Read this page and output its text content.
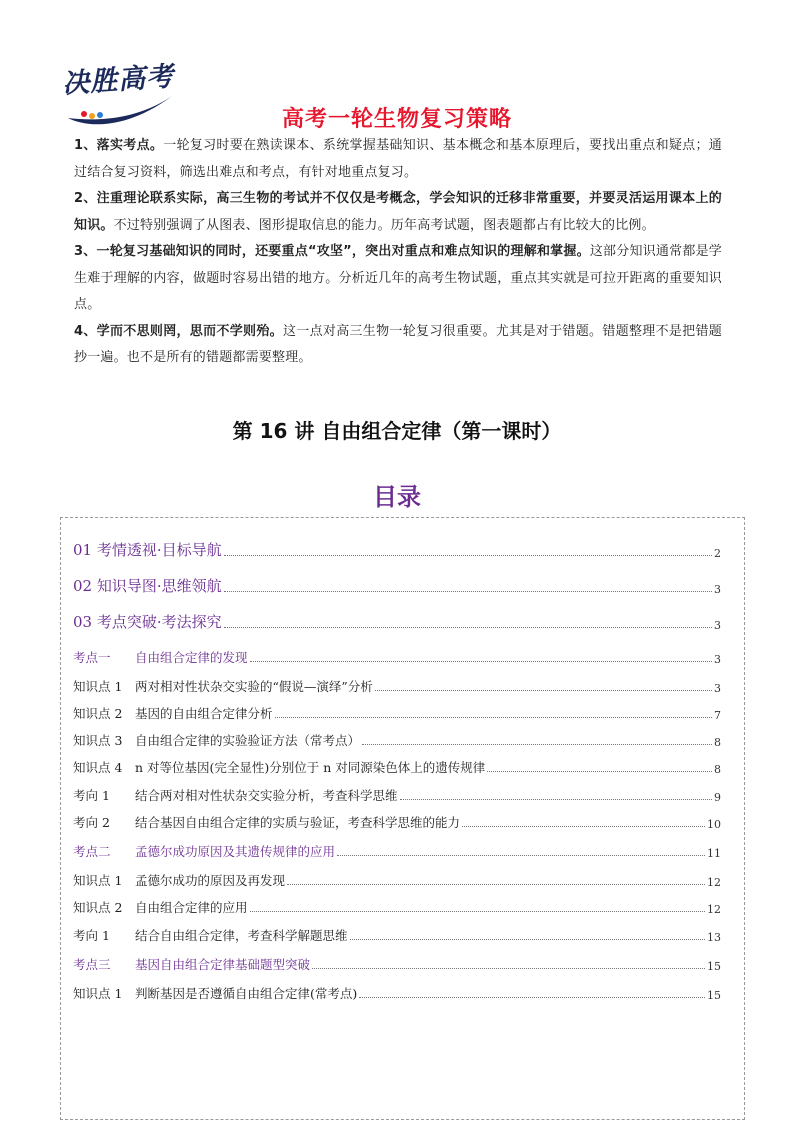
决胜高考
高考一轮生物复习策略

1、落实考点。一轮复习时要在熟读课本、系统掌握基础知识、基本概念和基本原理后，要找出重点和疑点；通过结合复习资料，筛选出难点和考点，有针对地重点复习。

2、注重理论联系实际，高三生物的考试并不仅仅是考概念，学会知识的迁移非常重要，并要灵活运用课本上的知识。不过特别强调了从图表、图形提取信息的能力。历年高考试题，图表题都占有比较大的比例。

3、一轮复习基础知识的同时，还要重点“攻坚”，突出对重点和难点知识的理解和掌握。这部分知识通常都是学生难于理解的内容，做题时容易出错的地方。分析近几年的高考生物试题，重点其实就是可拉开距离的重要知识点。

4、学而不思则罔，思而不学则殆。这一点对高三生物一轮复习很重要。尤其是对于错题。错题整理不是把错题抄一遍。也不是所有的错题都需要整理。

第 16 讲 自由组合定律（第一课时）
目录
01 考情透视·目标导航	2
02 知识导图·思维领航	3
03 考点突破·考法探究	3
考点一 自由组合定律的发现	3
知识点 1 两对相对性状杂交实验的“假说—演绎”分析	3
知识点 2 基因的自由组合定律分析	7
知识点 3 自由组合定律的实验验证方法（常考点）	8
知识点 4 n 对等位基因(完全显性)分别位于 n 对同源染色体上的遗传规律	8
考向 1 结合两对相对性状杂交实验分析，考查科学思维	9
考向 2 结合基因自由组合定律的实质与验证，考查科学思维的能力	10
考点二 孟德尔成功原因及其遗传规律的应用	11
知识点 1 孟德尔成功的原因及再发现	12
知识点 2 自由组合定律的应用	12
考向 1 结合自由组合定律，考查科学解题思维	13
考点三 基因自由组合定律基础题型突破	15
知识点 1 判断基因是否遵循自由组合定律(常考点)	15
